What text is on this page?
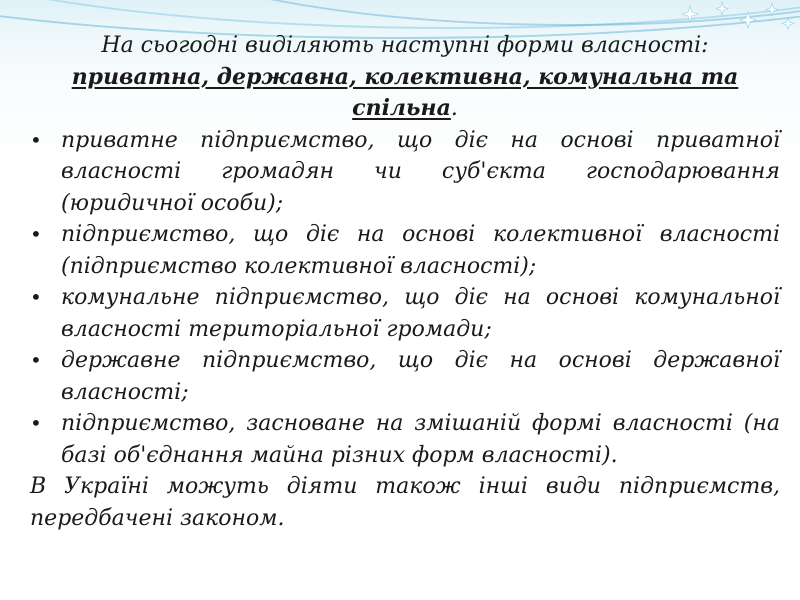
На сьогодні виділяють наступні форми власності:
приватна, державна, колективна, комунальна та спільна.
• приватне підприємство, що діє на основі приватної власності громадян чи суб'єкта господарювання (юридичної особи);
• підприємство, що діє на основі колективної власності (підприємство колективної власності);
• комунальне підприємство, що діє на основі комунальної власності територіальної громади;
• державне підприємство, що діє на основі державної власності;
• підприємство, засноване на змішаній формі власності (на базі об'єднання майна різних форм власності).
В Україні можуть діяти також інші види підприємств, передбачені законом.
